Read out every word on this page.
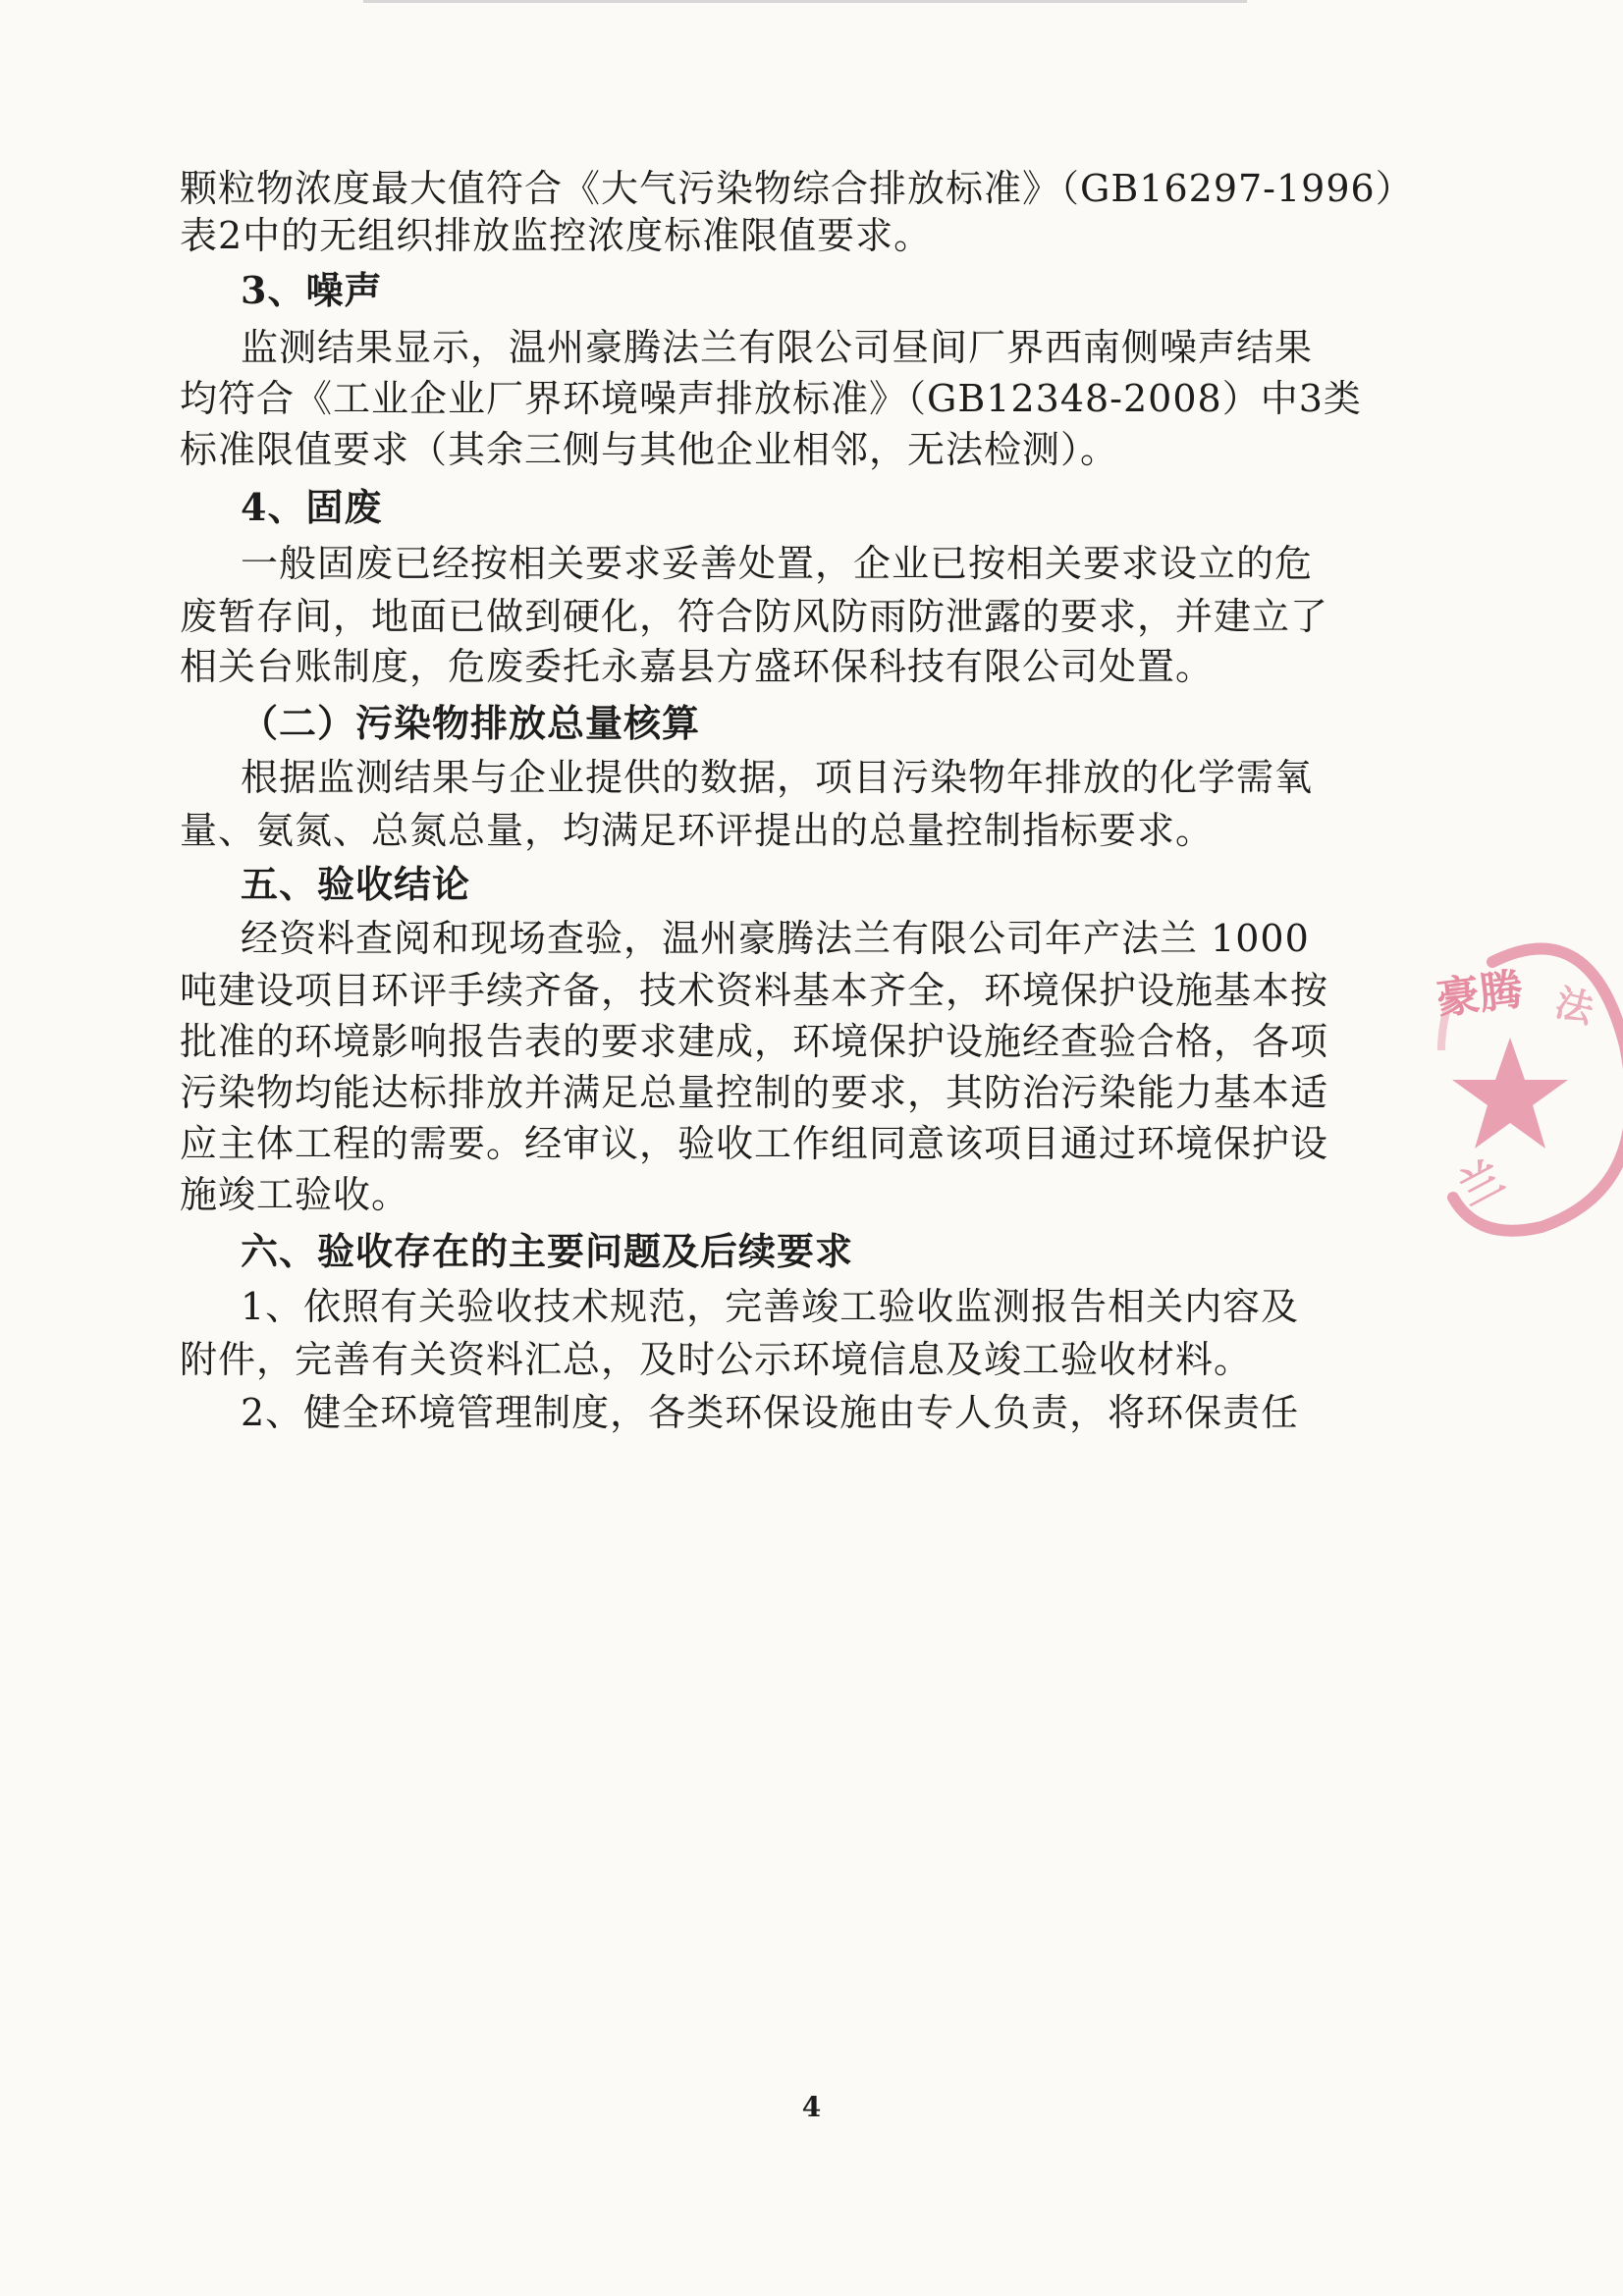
颗粒物浓度最大值符合《大气污染物综合排放标准》（GB16297-1996）
表2中的无组织排放监控浓度标准限值要求。
3、噪声
监测结果显示，温州豪腾法兰有限公司昼间厂界西南侧噪声结果
均符合《工业企业厂界环境噪声排放标准》（GB12348-2008）中3类
标准限值要求（其余三侧与其他企业相邻，无法检测）。
4、固废
一般固废已经按相关要求妥善处置，企业已按相关要求设立的危
废暂存间，地面已做到硬化，符合防风防雨防泄露的要求，并建立了
相关台账制度，危废委托永嘉县方盛环保科技有限公司处置。
（二）污染物排放总量核算
根据监测结果与企业提供的数据，项目污染物年排放的化学需氧
量、氨氮、总氮总量，均满足环评提出的总量控制指标要求。
五、验收结论
经资料查阅和现场查验，温州豪腾法兰有限公司年产法兰 1000
吨建设项目环评手续齐备，技术资料基本齐全，环境保护设施基本按
批准的环境影响报告表的要求建成，环境保护设施经查验合格，各项
污染物均能达标排放并满足总量控制的要求，其防治污染能力基本适
应主体工程的需要。经审议，验收工作组同意该项目通过环境保护设
施竣工验收。
六、验收存在的主要问题及后续要求
1、依照有关验收技术规范，完善竣工验收监测报告相关内容及
附件，完善有关资料汇总，及时公示环境信息及竣工验收材料。
2、健全环境管理制度，各类环保设施由专人负责，将环保责任
4
豪腾 法
兰
